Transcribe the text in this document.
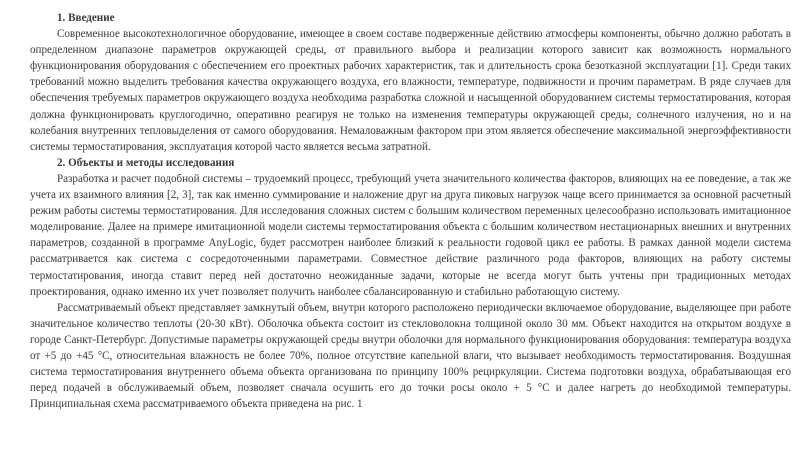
1. Введение

Современное высокотехнологичное оборудование, имеющее в своем составе подверженные действию атмосферы компоненты, обычно должно работать в определенном диапазоне параметров окружающей среды, от правильного выбора и реализации которого зависит как возможность нормального функционирования оборудования с обеспечением его проектных рабочих характеристик, так и длительность срока безотказной эксплуатации [1]. Среди таких требований можно выделить требования качества окружающего воздуха, его влажности, температуре, подвижности и прочим параметрам. В ряде случаев для обеспечения требуемых параметров окружающего воздуха необходима разработка сложной и насыщенной оборудованием системы термостатирования, которая должна функционировать круглогодично, оперативно реагируя не только на изменения температуры окружающей среды, солнечного излучения, но и на колебания внутренних тепловыделения от самого оборудования. Немаловажным фактором при этом является обеспечение максимальной энергоэффективности системы термостатирования, эксплуатация которой часто является весьма затратной.

2. Объекты и методы исследования

Разработка и расчет подобной системы – трудоемкий процесс, требующий учета значительного количества факторов, влияющих на ее поведение, а так же учета их взаимного влияния [2, 3], так как именно суммирование и наложение друг на друга пиковых нагрузок чаще всего принимается за основной расчетный режим работы системы термостатирования. Для исследования сложных систем с большим количеством переменных целесообразно использовать имитационное моделирование. Далее на примере имитационной модели системы термостатирования объекта с большим количеством нестационарных внешних и внутренних параметров, созданной в программе AnyLogic, будет рассмотрен наиболее близкий к реальности годовой цикл ее работы. В рамках данной модели система рассматривается как система с сосредоточенными параметрами. Совместное действие различного рода факторов, влияющих на работу системы термостатирования, иногда ставит перед ней достаточно неожиданные задачи, которые не всегда могут быть учтены при традиционных методах проектирования, однако именно их учет позволяет получить наиболее сбалансированную и стабильно работающую систему.

Рассматриваемый объект представляет замкнутый объем, внутри которого расположено периодически включаемое оборудование, выделяющее при работе значительное количество теплоты (20-30 кВт). Оболочка объекта состоит из стекловолокна толщиной около 30 мм. Объект находится на открытом воздухе в городе Санкт-Петербург. Допустимые параметры окружающей среды внутри оболочки для нормального функционирования оборудования: температура воздуха от +5 до +45 °С, относительная влажность не более 70%, полное отсутствие капельной влаги, что вызывает необходимость термостатирования. Воздушная система термостатирования внутреннего объема объекта организована по принципу 100% рециркуляции. Система подготовки воздуха, обрабатывающая его перед подачей в обслуживаемый объем, позволяет сначала осушить его до точки росы около + 5 °С и далее нагреть до необходимой температуры. Принципиальная схема рассматриваемого объекта приведена на рис. 1
